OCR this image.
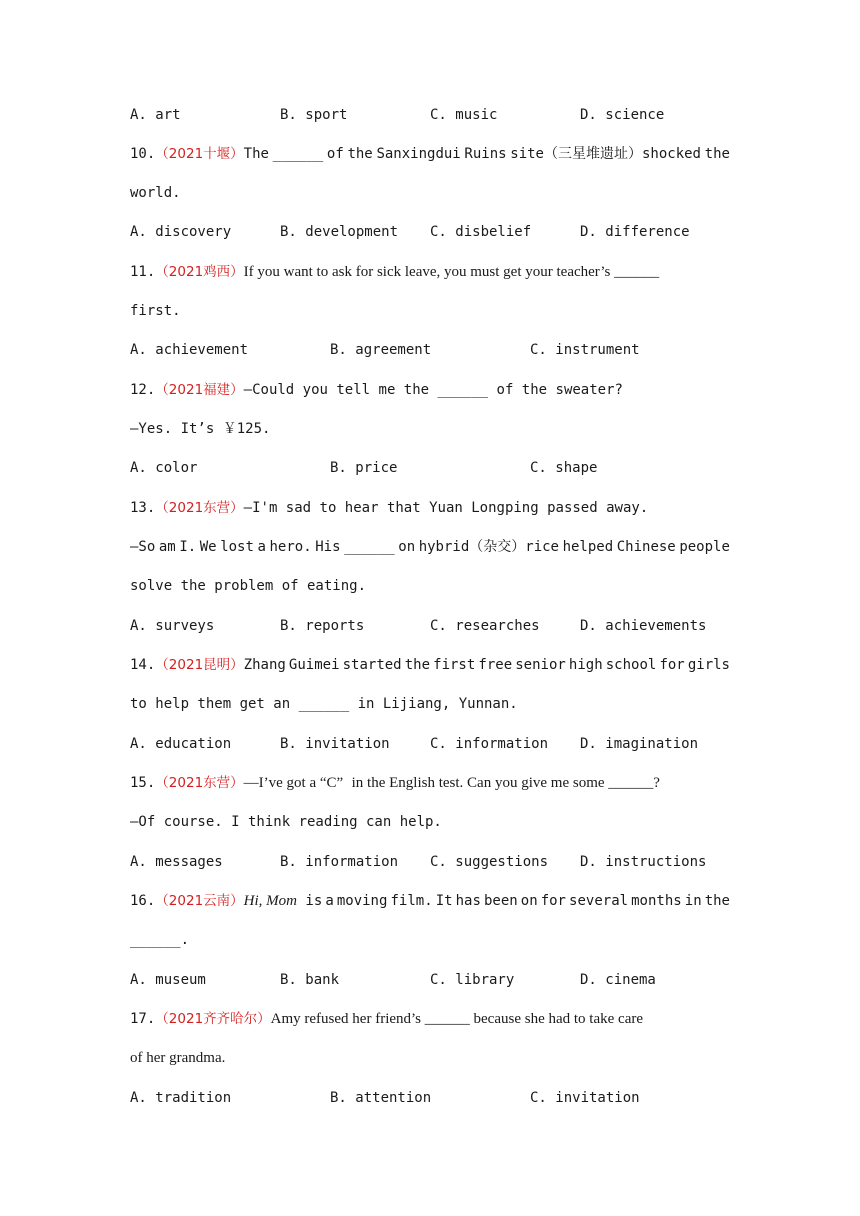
A. art	B. sport	C. music	D. science
10.（2021十堰）The ______ of the Sanxingdui Ruins site（三星堆遗址）shocked the
world.
A. discovery	B. development C. disbelief	D. difference
11.（2021鸡西）If you want to ask for sick leave, you must get your teacher’s ______
first.
A. achievement	B. agreement	C. instrument
12.（2021福建）—Could you tell me the ______ of the sweater?
—Yes. It’s ￥125.
A. color	B. price	C. shape
13.（2021东营）—I'm sad to hear that Yuan Longping passed away.
—So am I. We lost a hero. His ______ on hybrid（杂交）rice helped Chinese people
solve the problem of eating.
A. surveys	B. reports	C. researches	D. achievements
14.（2021昆明）Zhang Guimei started the first free senior high school for girls
to help them get an ______ in Lijiang, Yunnan.
A. education	B. invitation	C. information D. imagination
15.（2021东营）—I’ve got a “C” in the English test. Can you give me some ______?
—Of course. I think reading can help.
A. messages	B. information C. suggestions D. instructions
16.（2021云南）Hi, Mom is a moving film. It has been on for several months in the
______.
A. museum	B. bank	C. library	D. cinema
17.（2021齐齐哈尔）Amy refused her friend’s ______ because she had to take care
of her grandma.
A. tradition	B. attention	C. invitation
